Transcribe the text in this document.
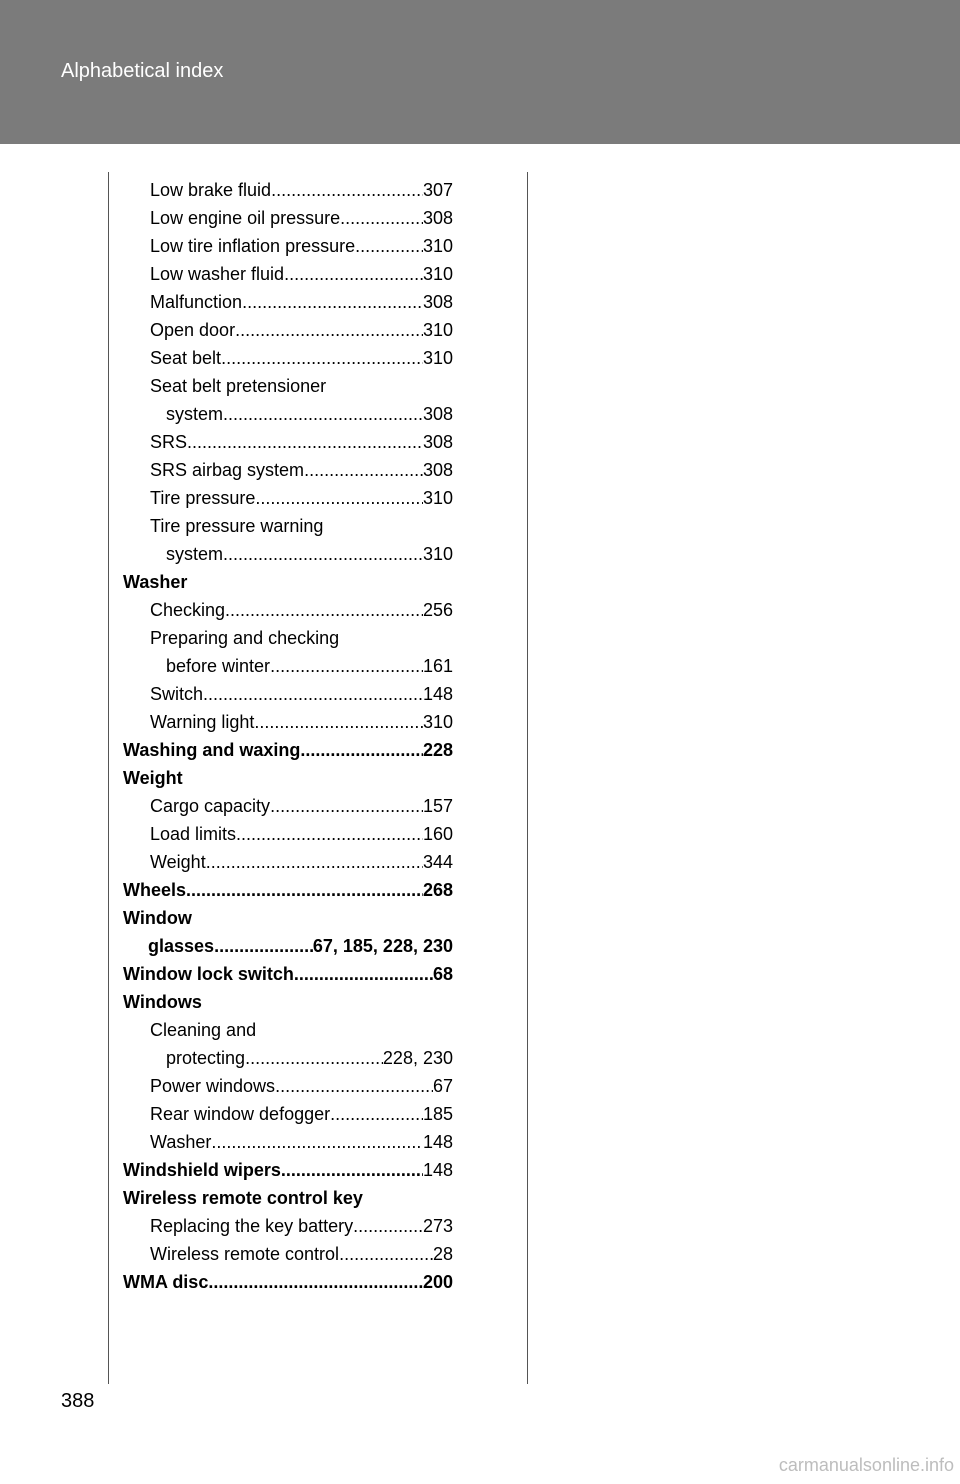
Alphabetical index
Low brake fluid .....	307
Low engine oil pressure .....	308
Low tire inflation pressure .....	310
Low washer fluid .....	310
Malfunction .....	308
Open door .....	310
Seat belt .....	310
Seat belt pretensioner
system .....	308
SRS .....	308
SRS airbag system .....	308
Tire pressure .....	310
Tire pressure warning
system .....	310
Washer
Checking .....	256
Preparing and checking
before winter .....	161
Switch .....	148
Warning light .....	310
Washing and waxing .....	228
Weight
Cargo capacity .....	157
Load limits .....	160
Weight .....	344
Wheels .....	268
Window
glasses .....	67, 185, 228, 230
Window lock switch .....	68
Windows
Cleaning and
protecting .....	228, 230
Power windows .....	67
Rear window defogger .....	185
Washer .....	148
Windshield wipers .....	148
Wireless remote control key
Replacing the key battery .....	273
Wireless remote control .....	28
WMA disc .....	200
388
carmanualsonline.info
